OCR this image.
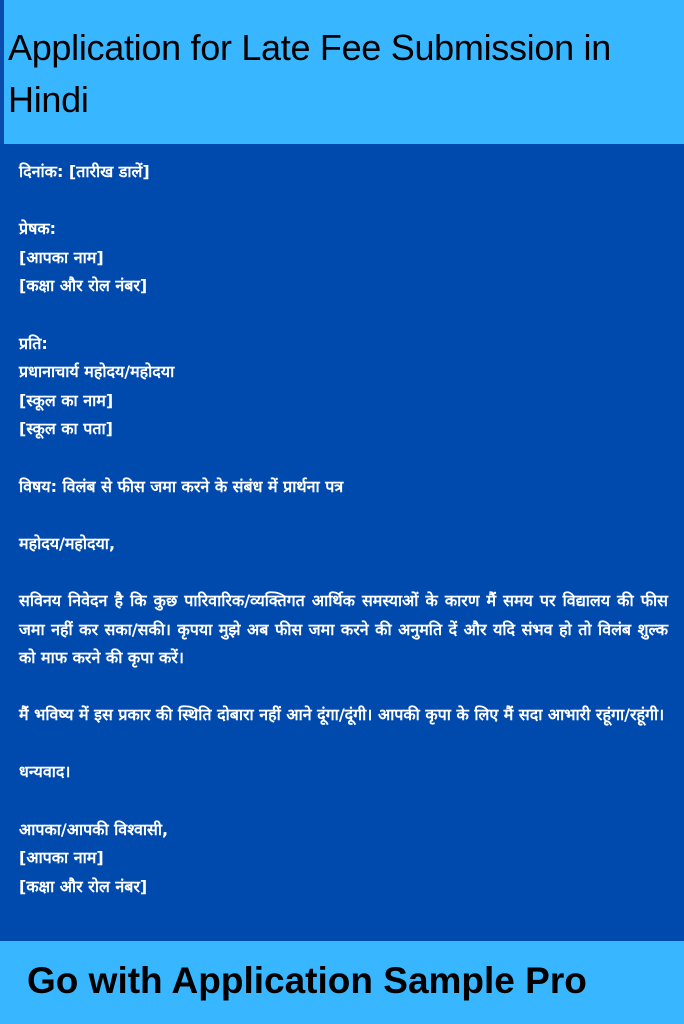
Application for Late Fee Submission in Hindi
दिनांक: [तारीख डालें]
प्रेषक:
[आपका नाम]
[कक्षा और रोल नंबर]
प्रति:
प्रधानाचार्य महोदय/महोदया
[स्कूल का नाम]
[स्कूल का पता]
विषय: विलंब से फीस जमा करने के संबंध में प्रार्थना पत्र
महोदय/महोदया,
सविनय निवेदन है कि कुछ पारिवारिक/व्यक्तिगत आर्थिक समस्याओं के कारण मैं समय पर विद्यालय की फीस जमा नहीं कर सका/सकी। कृपया मुझे अब फीस जमा करने की अनुमति दें और यदि संभव हो तो विलंब शुल्क को माफ करने की कृपा करें।
मैं भविष्य में इस प्रकार की स्थिति दोबारा नहीं आने दूंगा/दूंगी। आपकी कृपा के लिए मैं सदा आभारी रहूंगा/रहूंगी।
धन्यवाद।
आपका/आपकी विश्वासी,
[आपका नाम]
[कक्षा और रोल नंबर]

Go with Application Sample Pro
